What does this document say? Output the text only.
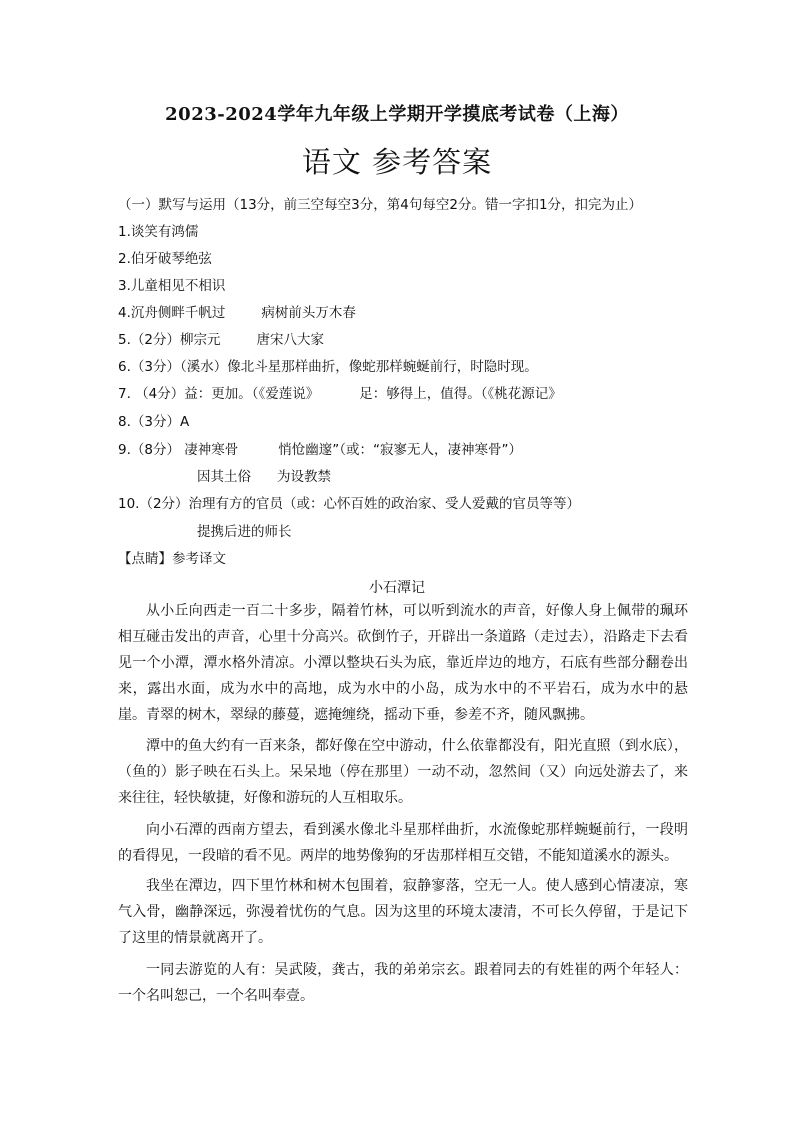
2023-2024学年九年级上学期开学摸底考试卷（上海）
语文 参考答案
（一）默写与运用（13分，前三空每空3分，第4句每空2分。错一字扣1分，扣完为止）
1.谈笑有鸿儒
2.伯牙破琴绝弦
3.儿童相见不相识
4.沉舟侧畔千帆过	病树前头万木春
5.（2分）柳宗元	唐宋八大家
6.（3分）（溪水）像北斗星那样曲折，像蛇那样蜿蜒前行，时隐时现。
7. （4分）益：更加。（《爱莲说》	足：够得上，值得。（《桃花源记》
8.（3分）A
9.（8分） 凄神寒骨	悄怆幽邃”（或：“寂寥无人，凄神寒骨”）
因其土俗 为设教禁
10.（2分）治理有方的官员（或：心怀百姓的政治家、受人爱戴的官员等等）
提携后进的师长
【点睛】参考译文
小石潭记
从小丘向西走一百二十多步，隔着竹林，可以听到流水的声音，好像人身上佩带的珮环相互碰击发出的声音，心里十分高兴。砍倒竹子，开辟出一条道路（走过去），沿路走下去看见一个小潭，潭水格外清凉。小潭以整块石头为底，靠近岸边的地方，石底有些部分翻卷出来，露出水面，成为水中的高地，成为水中的小岛，成为水中的不平岩石，成为水中的悬崖。青翠的树木，翠绿的藤蔓，遮掩缠绕，摇动下垂，参差不齐，随风飘拂。
潭中的鱼大约有一百来条，都好像在空中游动，什么依靠都没有，阳光直照（到水底），（鱼的）影子映在石头上。呆呆地（停在那里）一动不动，忽然间（又）向远处游去了，来来往往，轻快敏捷，好像和游玩的人互相取乐。
向小石潭的西南方望去，看到溪水像北斗星那样曲折，水流像蛇那样蜿蜒前行，一段明的看得见，一段暗的看不见。两岸的地势像狗的牙齿那样相互交错，不能知道溪水的源头。
我坐在潭边，四下里竹林和树木包围着，寂静寥落，空无一人。使人感到心情凄凉，寒气入骨，幽静深远，弥漫着忧伤的气息。因为这里的环境太凄清，不可长久停留，于是记下了这里的情景就离开了。
一同去游览的人有：吴武陵，龚古，我的弟弟宗玄。跟着同去的有姓崔的两个年轻人：一个名叫恕己，一个名叫奉壹。
